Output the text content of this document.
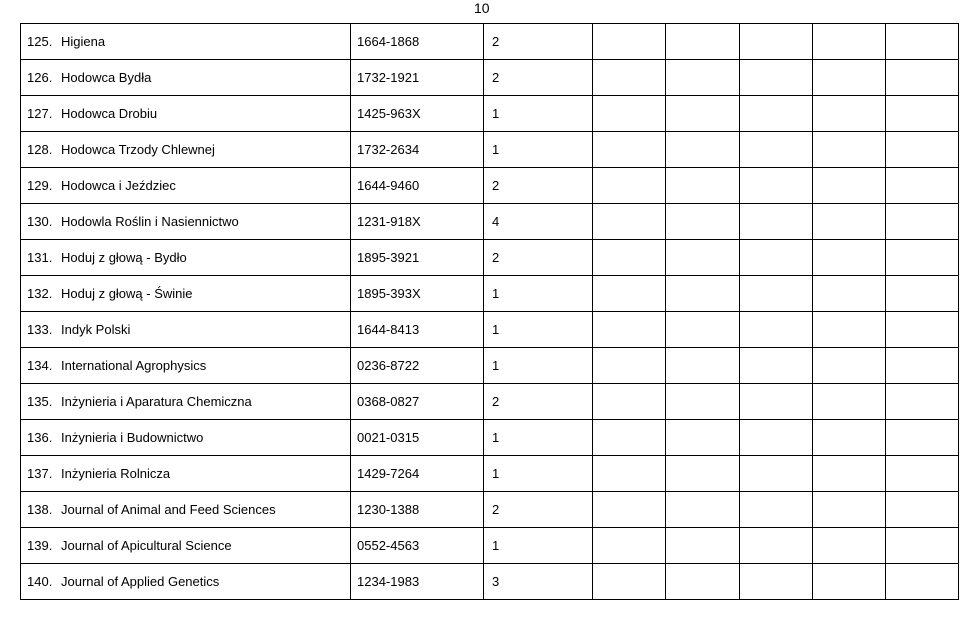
10
125. Higiena	1664-1868	2					
126. Hodowca Bydła	1732-1921	2					
127. Hodowca Drobiu	1425-963X	1					
128. Hodowca Trzody Chlewnej	1732-2634	1					
129. Hodowca i Jeździec	1644-9460	2					
130. Hodowla Roślin i Nasiennictwo	1231-918X	4					
131. Hoduj z głową - Bydło	1895-3921	2					
132. Hoduj z głową - Świnie	1895-393X	1					
133. Indyk Polski	1644-8413	1					
134. International Agrophysics	0236-8722	1					
135. Inżynieria i Aparatura Chemiczna	0368-0827	2					
136. Inżynieria i Budownictwo	0021-0315	1					
137. Inżynieria Rolnicza	1429-7264	1					
138. Journal of Animal and Feed Sciences	1230-1388	2					
139. Journal of Apicultural Science	0552-4563	1					
140. Journal of Applied Genetics	1234-1983	3					
